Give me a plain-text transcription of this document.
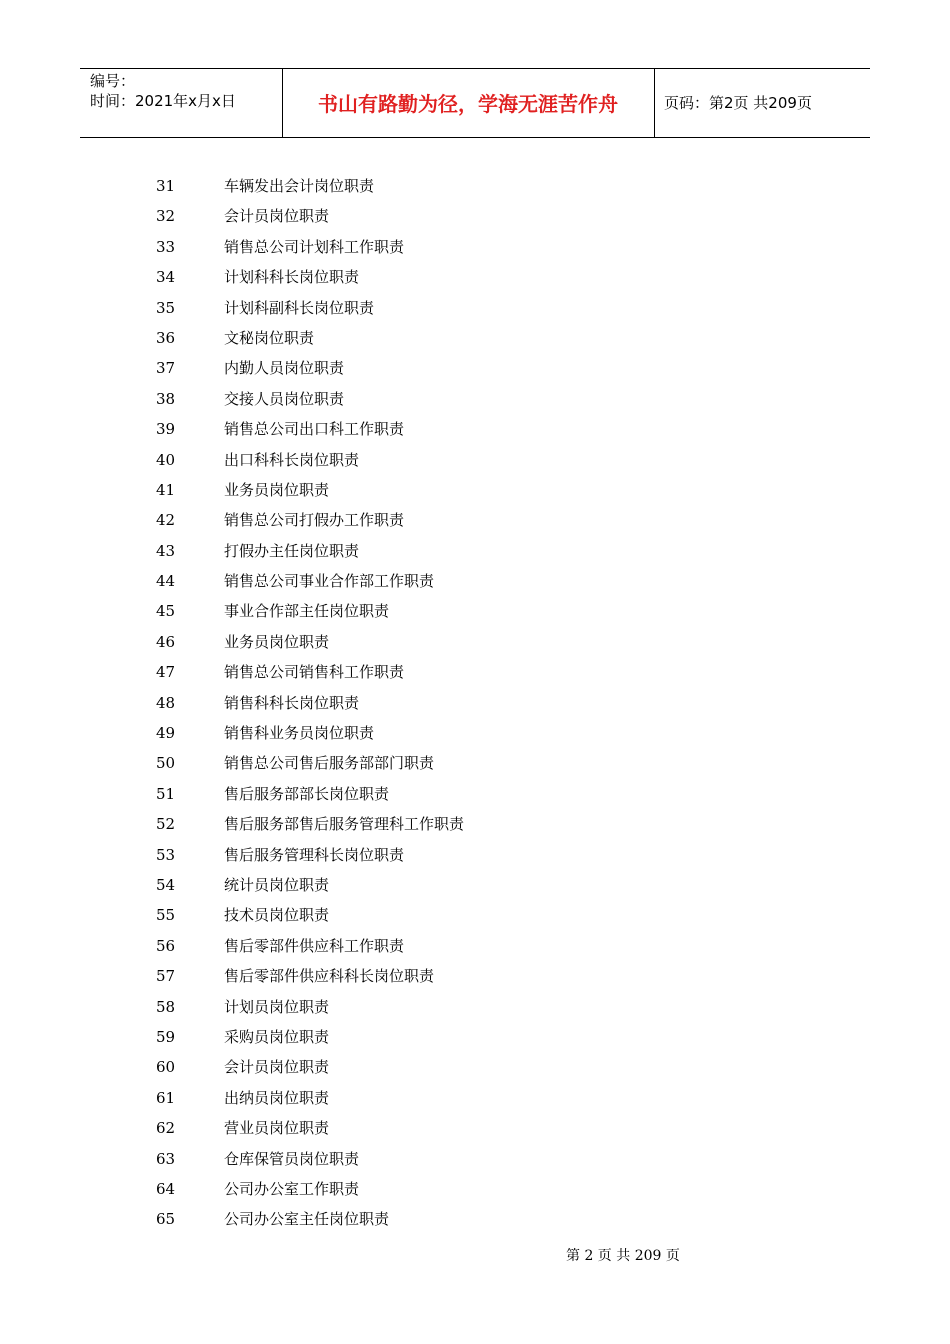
编号：
时间：2021年x月x日	书山有路勤为径，学海无涯苦作舟	页码：第2页 共209页
31	车辆发出会计岗位职责
32	会计员岗位职责
33	销售总公司计划科工作职责
34	计划科科长岗位职责
35	计划科副科长岗位职责
36	文秘岗位职责
37	内勤人员岗位职责
38	交接人员岗位职责
39	销售总公司出口科工作职责
40	出口科科长岗位职责
41	业务员岗位职责
42	销售总公司打假办工作职责
43	打假办主任岗位职责
44	销售总公司事业合作部工作职责
45	事业合作部主任岗位职责
46	业务员岗位职责
47	销售总公司销售科工作职责
48	销售科科长岗位职责
49	销售科业务员岗位职责
50	销售总公司售后服务部部门职责
51	售后服务部部长岗位职责
52	售后服务部售后服务管理科工作职责
53	售后服务管理科长岗位职责
54	统计员岗位职责
55	技术员岗位职责
56	售后零部件供应科工作职责
57	售后零部件供应科科长岗位职责
58	计划员岗位职责
59	采购员岗位职责
60	会计员岗位职责
61	出纳员岗位职责
62	营业员岗位职责
63	仓库保管员岗位职责
64	公司办公室工作职责
65	公司办公室主任岗位职责
第 2 页 共 209 页
